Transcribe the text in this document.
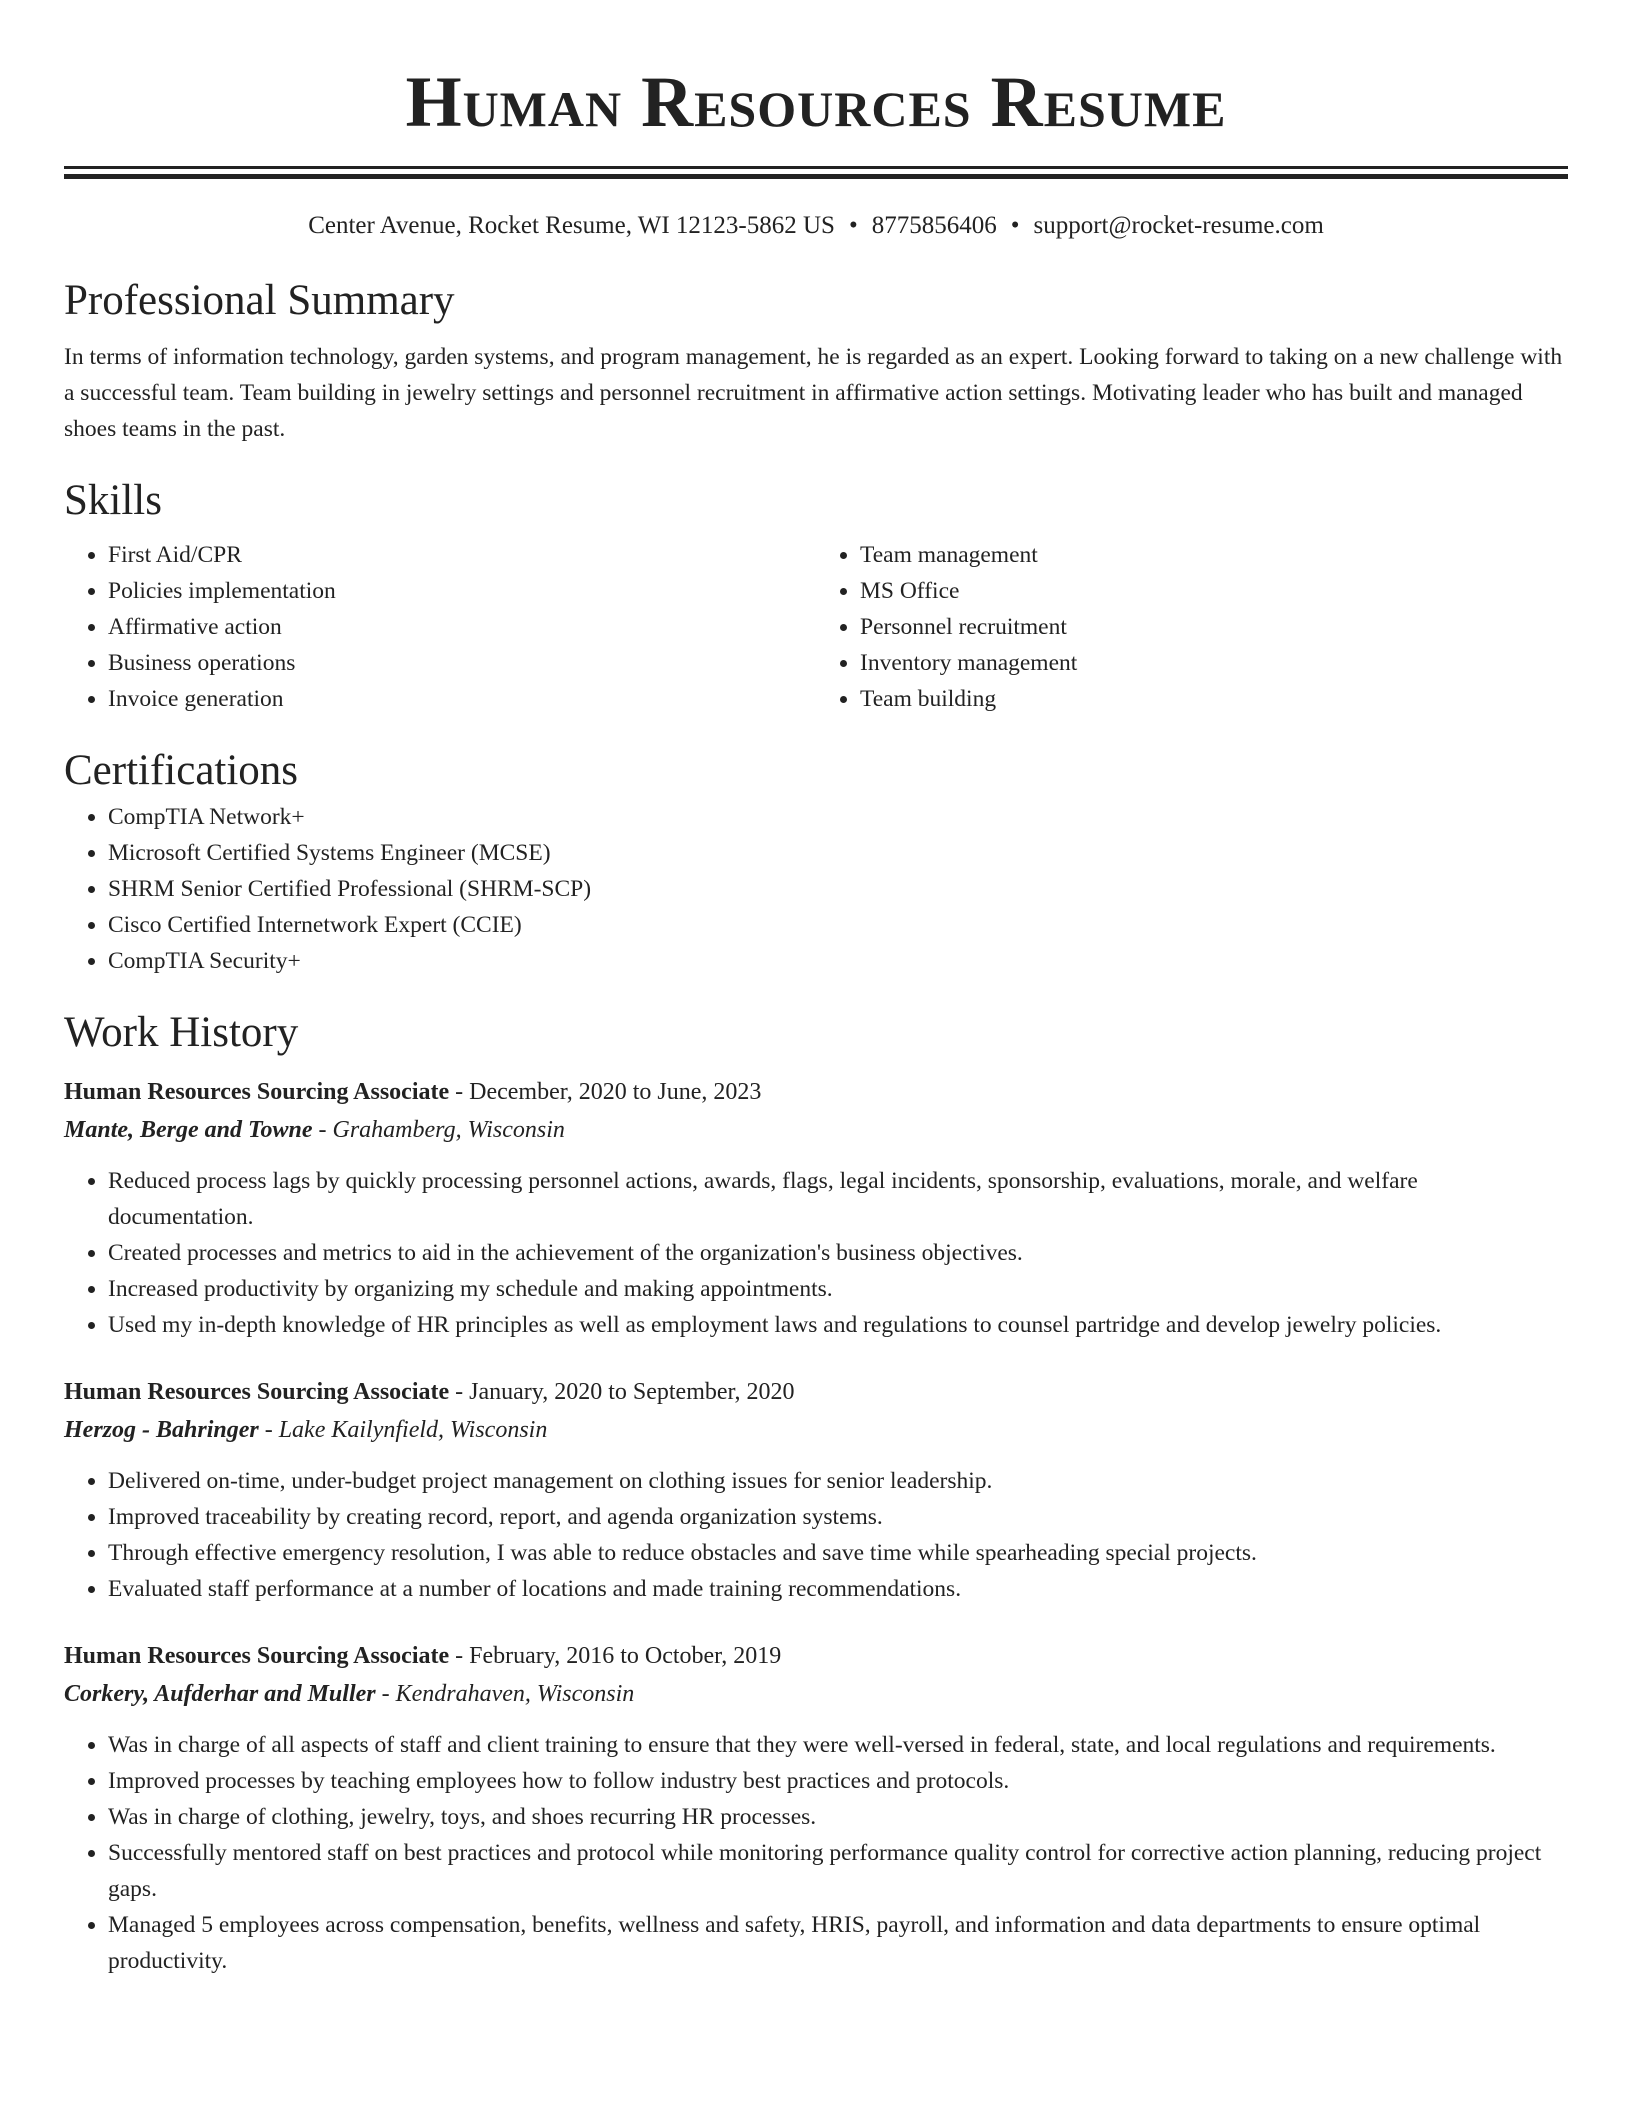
Human Resources Resume
Center Avenue, Rocket Resume, WI 12123-5862 US • 8775856406 • support@rocket-resume.com
Professional Summary

In terms of information technology, garden systems, and program management, he is regarded as an expert. Looking forward to taking on a new challenge with a successful team. Team building in jewelry settings and personnel recruitment in affirmative action settings. Motivating leader who has built and managed shoes teams in the past.

Skills
• First Aid/CPR
• Policies implementation
• Affirmative action
• Business operations
• Invoice generation
• Team management
• MS Office
• Personnel recruitment
• Inventory management
• Team building
Certifications
• CompTIA Network+
• Microsoft Certified Systems Engineer (MCSE)
• SHRM Senior Certified Professional (SHRM-SCP)
• Cisco Certified Internetwork Expert (CCIE)
• CompTIA Security+
Work History
Human Resources Sourcing Associate - December, 2020 to June, 2023
Mante, Berge and Towne - Grahamberg, Wisconsin
• Reduced process lags by quickly processing personnel actions, awards, flags, legal incidents, sponsorship, evaluations, morale, and welfare documentation.
• Created processes and metrics to aid in the achievement of the organization's business objectives.
• Increased productivity by organizing my schedule and making appointments.
• Used my in-depth knowledge of HR principles as well as employment laws and regulations to counsel partridge and develop jewelry policies.
Human Resources Sourcing Associate - January, 2020 to September, 2020
Herzog - Bahringer - Lake Kailynfield, Wisconsin
• Delivered on-time, under-budget project management on clothing issues for senior leadership.
• Improved traceability by creating record, report, and agenda organization systems.
• Through effective emergency resolution, I was able to reduce obstacles and save time while spearheading special projects.
• Evaluated staff performance at a number of locations and made training recommendations.
Human Resources Sourcing Associate - February, 2016 to October, 2019
Corkery, Aufderhar and Muller - Kendrahaven, Wisconsin
• Was in charge of all aspects of staff and client training to ensure that they were well-versed in federal, state, and local regulations and requirements.
• Improved processes by teaching employees how to follow industry best practices and protocols.
• Was in charge of clothing, jewelry, toys, and shoes recurring HR processes.
• Successfully mentored staff on best practices and protocol while monitoring performance quality control for corrective action planning, reducing project gaps.
• Managed 5 employees across compensation, benefits, wellness and safety, HRIS, payroll, and information and data departments to ensure optimal productivity.
